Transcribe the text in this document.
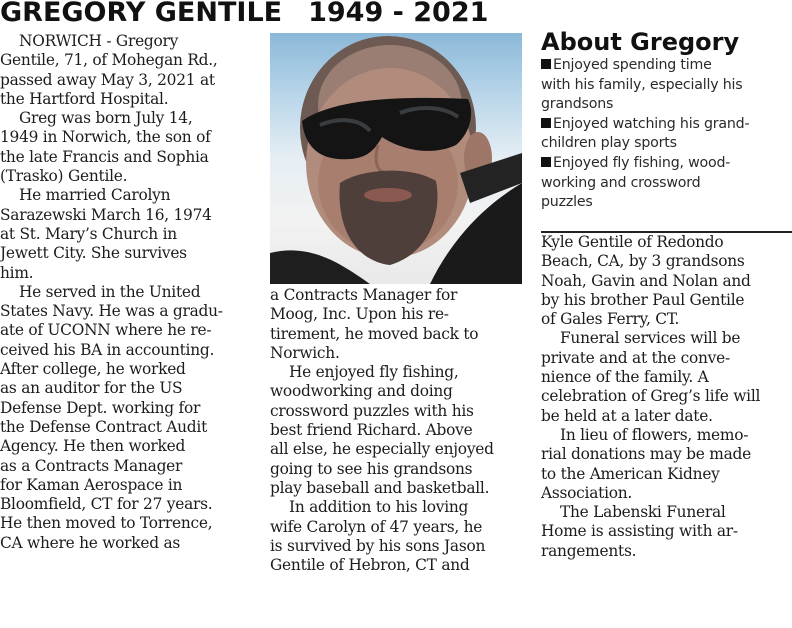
GREGORY GENTILE 1949 - 2021

NORWICH - Gregory

Gentile, 71, of Mohegan Rd.,
passed away May 3, 2021 at
the Hartford Hospital.

Greg was born July 14,

1949 in Norwich, the son of
the late Francis and Sophia
(Trasko) Gentile.

He married Carolyn

Sarazewski March 16, 1974
at St. Mary’s Church in
Jewett City. She survives
him.

He served in the United

States Navy. He was a gradu-
ate of UCONN where he re-
ceived his BA in accounting.
After college, he worked
as an auditor for the US
Defense Dept. working for
the Defense Contract Audit
Agency. He then worked
as a Contracts Manager
for Kaman Aerospace in
Bloomfield, CT for 27 years.
He then moved to Torrence,
CA where he worked as
a Contracts Manager for
Moog, Inc. Upon his re-
tirement, he moved back to
Norwich.

He enjoyed fly fishing,

woodworking and doing
crossword puzzles with his
best friend Richard. Above
all else, he especially enjoyed
going to see his grandsons
play baseball and basketball.

In addition to his loving

wife Carolyn of 47 years, he
is survived by his sons Jason
Gentile of Hebron, CT and
About Gregory
Enjoyed spending time
with his family, especially his
grandsons
Enjoyed watching his grand-
children play sports
Enjoyed fly fishing, wood-
working and crossword
puzzles
Kyle Gentile of Redondo
Beach, CA, by 3 grandsons
Noah, Gavin and Nolan and
by his brother Paul Gentile
of Gales Ferry, CT.

Funeral services will be

private and at the conve-
nience of the family. A
celebration of Greg’s life will
be held at a later date.

In lieu of flowers, memo-

rial donations may be made
to the American Kidney
Association.

The Labenski Funeral

Home is assisting with ar-
rangements.
